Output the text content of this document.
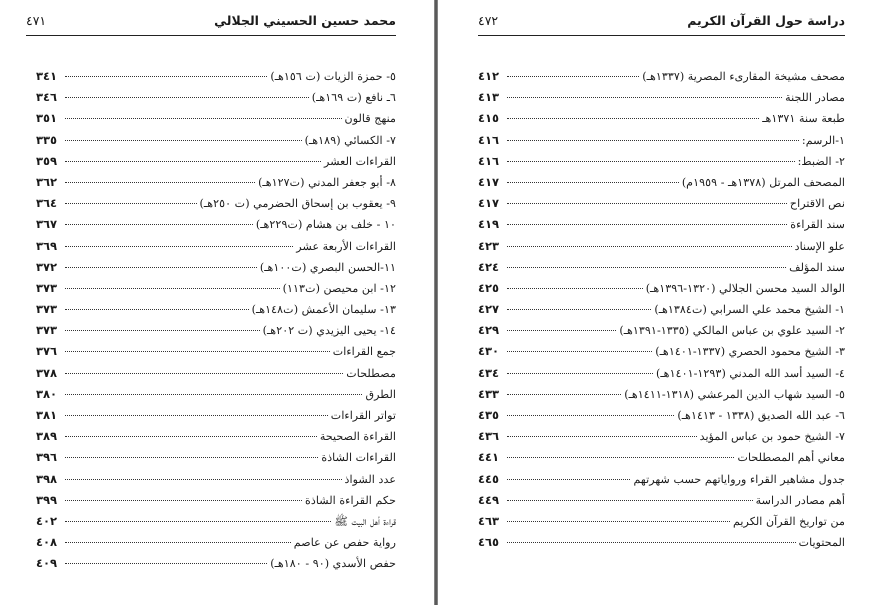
دراسة حول القرآن الكريم
٤٧٢
مصحف مشيخة المقارىء المصرية (١٣٣٧هـ)
٤١٢
مصادر اللجنة
٤١٣
طبعة سنة ١٣٧١هـ
٤١٥
١-الرسم:
٤١٦
٢- الضبط:
٤١٦
المصحف المرتل (١٣٧٨هـ - ١٩٥٩م)
٤١٧
نص الاقتراح
٤١٧
سند القراءة
٤١٩
علو الإسناد
٤٢٣
سند المؤلف
٤٢٤
الوالد السيد محسن الجلالي (١٣٢٠-١٣٩٦هـ)
٤٢٥
١- الشيخ محمد علي السرابي (ت١٣٨٤هـ)
٤٢٧
٢- السيد علوي بن عباس المالكي (١٣٣٥-١٣٩١هـ)
٤٢٩
٣- الشيخ محمود الحصري (١٣٣٧-١٤٠١هـ)
٤٣٠
٤- السيد أسد الله المدني (١٢٩٣-١٤٠١هـ)
٤٣٤
٥- السيد شهاب الدين المرعشي (١٣١٨-١٤١١هـ)
٤٣٣
٦- عبد الله الصديق (١٣٣٨ - ١٤١٣هـ)
٤٣٥
٧- الشيخ حمود بن عباس المؤيد
٤٣٦
معاني أهم المصطلحات
٤٤١
جدول مشاهير القراء ورواياتهم حسب شهرتهم
٤٤٥
أهم مصادر الدراسة
٤٤٩
من تواريخ القرآن الكريم
٤٦٣
المحتويات
٤٦٥
محمد حسين الحسيني الجلالي
٤٧١
٥- حمزة الزيات (ت ١٥٦هـ)
٣٤١
٦ـ نافع (ت ١٦٩هـ)
٣٤٦
منهج قالون
٣٥١
٧- الكسائي (١٨٩هـ)
٣٣٥
القراءات العشر
٣٥٩
٨- أبو جعفر المدني (ت١٢٧هـ)
٣٦٢
٩- يعقوب بن إسحاق الحضرمي (ت ٢٥٠هـ)
٣٦٤
١٠ - خلف بن هشام (ت٢٢٩هـ)
٣٦٧
القراءات الأربعة عشر
٣٦٩
١١-الحسن البصري (ت١٠٠هـ)
٣٧٢
١٢- ابن محيصن (ت١١٣)
٣٧٣
١٣- سليمان الأعمش (ت١٤٨هـ)
٣٧٣
١٤- يحيى اليزيدي (ت ٢٠٢هـ)
٣٧٣
جمع القراءات
٣٧٦
مصطلحات
٣٧٨
الطرق
٣٨٠
تواتر القراءات
٣٨١
القراءة الصحيحة
٣٨٩
القراءات الشاذة
٣٩٦
عدد الشواذ
٣٩٨
حكم القراءة الشاذة
٣٩٩
قراءة أهل البيت ﷺ
٤٠٢
رواية حفص عن عاصم
٤٠٨
حفص الأسدي (٩٠ - ١٨٠هـ)
٤٠٩
